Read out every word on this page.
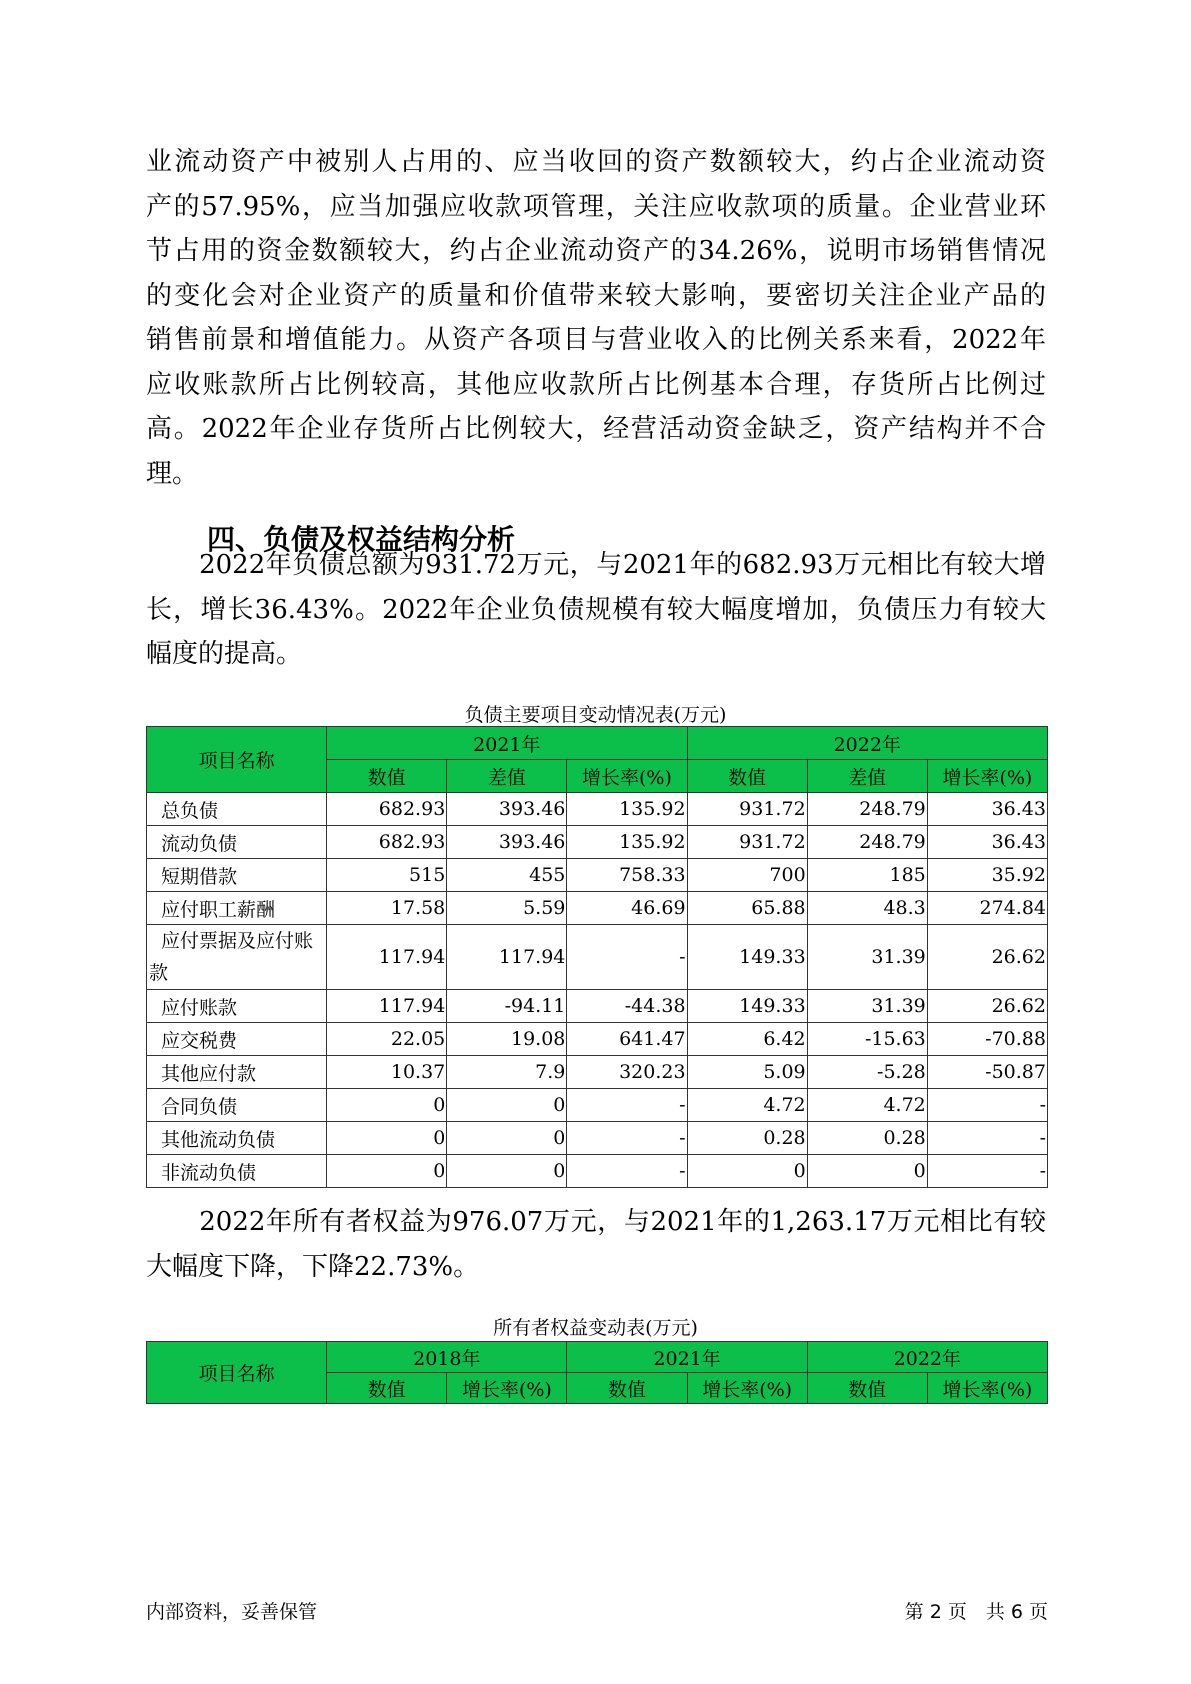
业流动资产中被别人占用的、应当收回的资产数额较大，约占企业流动资
产的57.95%，应当加强应收款项管理，关注应收款项的质量。企业营业环
节占用的资金数额较大，约占企业流动资产的34.26%，说明市场销售情况
的变化会对企业资产的质量和价值带来较大影响，要密切关注企业产品的
销售前景和增值能力。从资产各项目与营业收入的比例关系来看，2022年
应收账款所占比例较高，其他应收款所占比例基本合理，存货所占比例过
高。2022年企业存货所占比例较大，经营活动资金缺乏，资产结构并不合
理。
四、负债及权益结构分析
　　2022年负债总额为931.72万元，与2021年的682.93万元相比有较大增
长，增长36.43%。2022年企业负债规模有较大幅度增加，负债压力有较大
幅度的提高。
负债主要项目变动情况表(万元)
项目名称	2021年			2022年		
	数值	差值	增长率(%)	数值	差值	增长率(%)
总负债	682.93	393.46	135.92	931.72	248.79	36.43
流动负债	682.93	393.46	135.92	931.72	248.79	36.43
短期借款	515	455	758.33	700	185	35.92
应付职工薪酬	17.58	5.59	46.69	65.88	48.3	274.84
应付票据及应付账款	117.94	117.94	-	149.33	31.39	26.62
应付账款	117.94	-94.11	-44.38	149.33	31.39	26.62
应交税费	22.05	19.08	641.47	6.42	-15.63	-70.88
其他应付款	10.37	7.9	320.23	5.09	-5.28	-50.87
合同负债	0	0	-	4.72	4.72	-
其他流动负债	0	0	-	0.28	0.28	-
非流动负债	0	0	-	0	0	-
　　2022年所有者权益为976.07万元，与2021年的1,263.17万元相比有较
大幅度下降，下降22.73%。
所有者权益变动表(万元)
项目名称	2018年		2021年		2022年	
	数值	增长率(%)	数值	增长率(%)	数值	增长率(%)
内部资料，妥善保管	第 2 页　共 6 页
